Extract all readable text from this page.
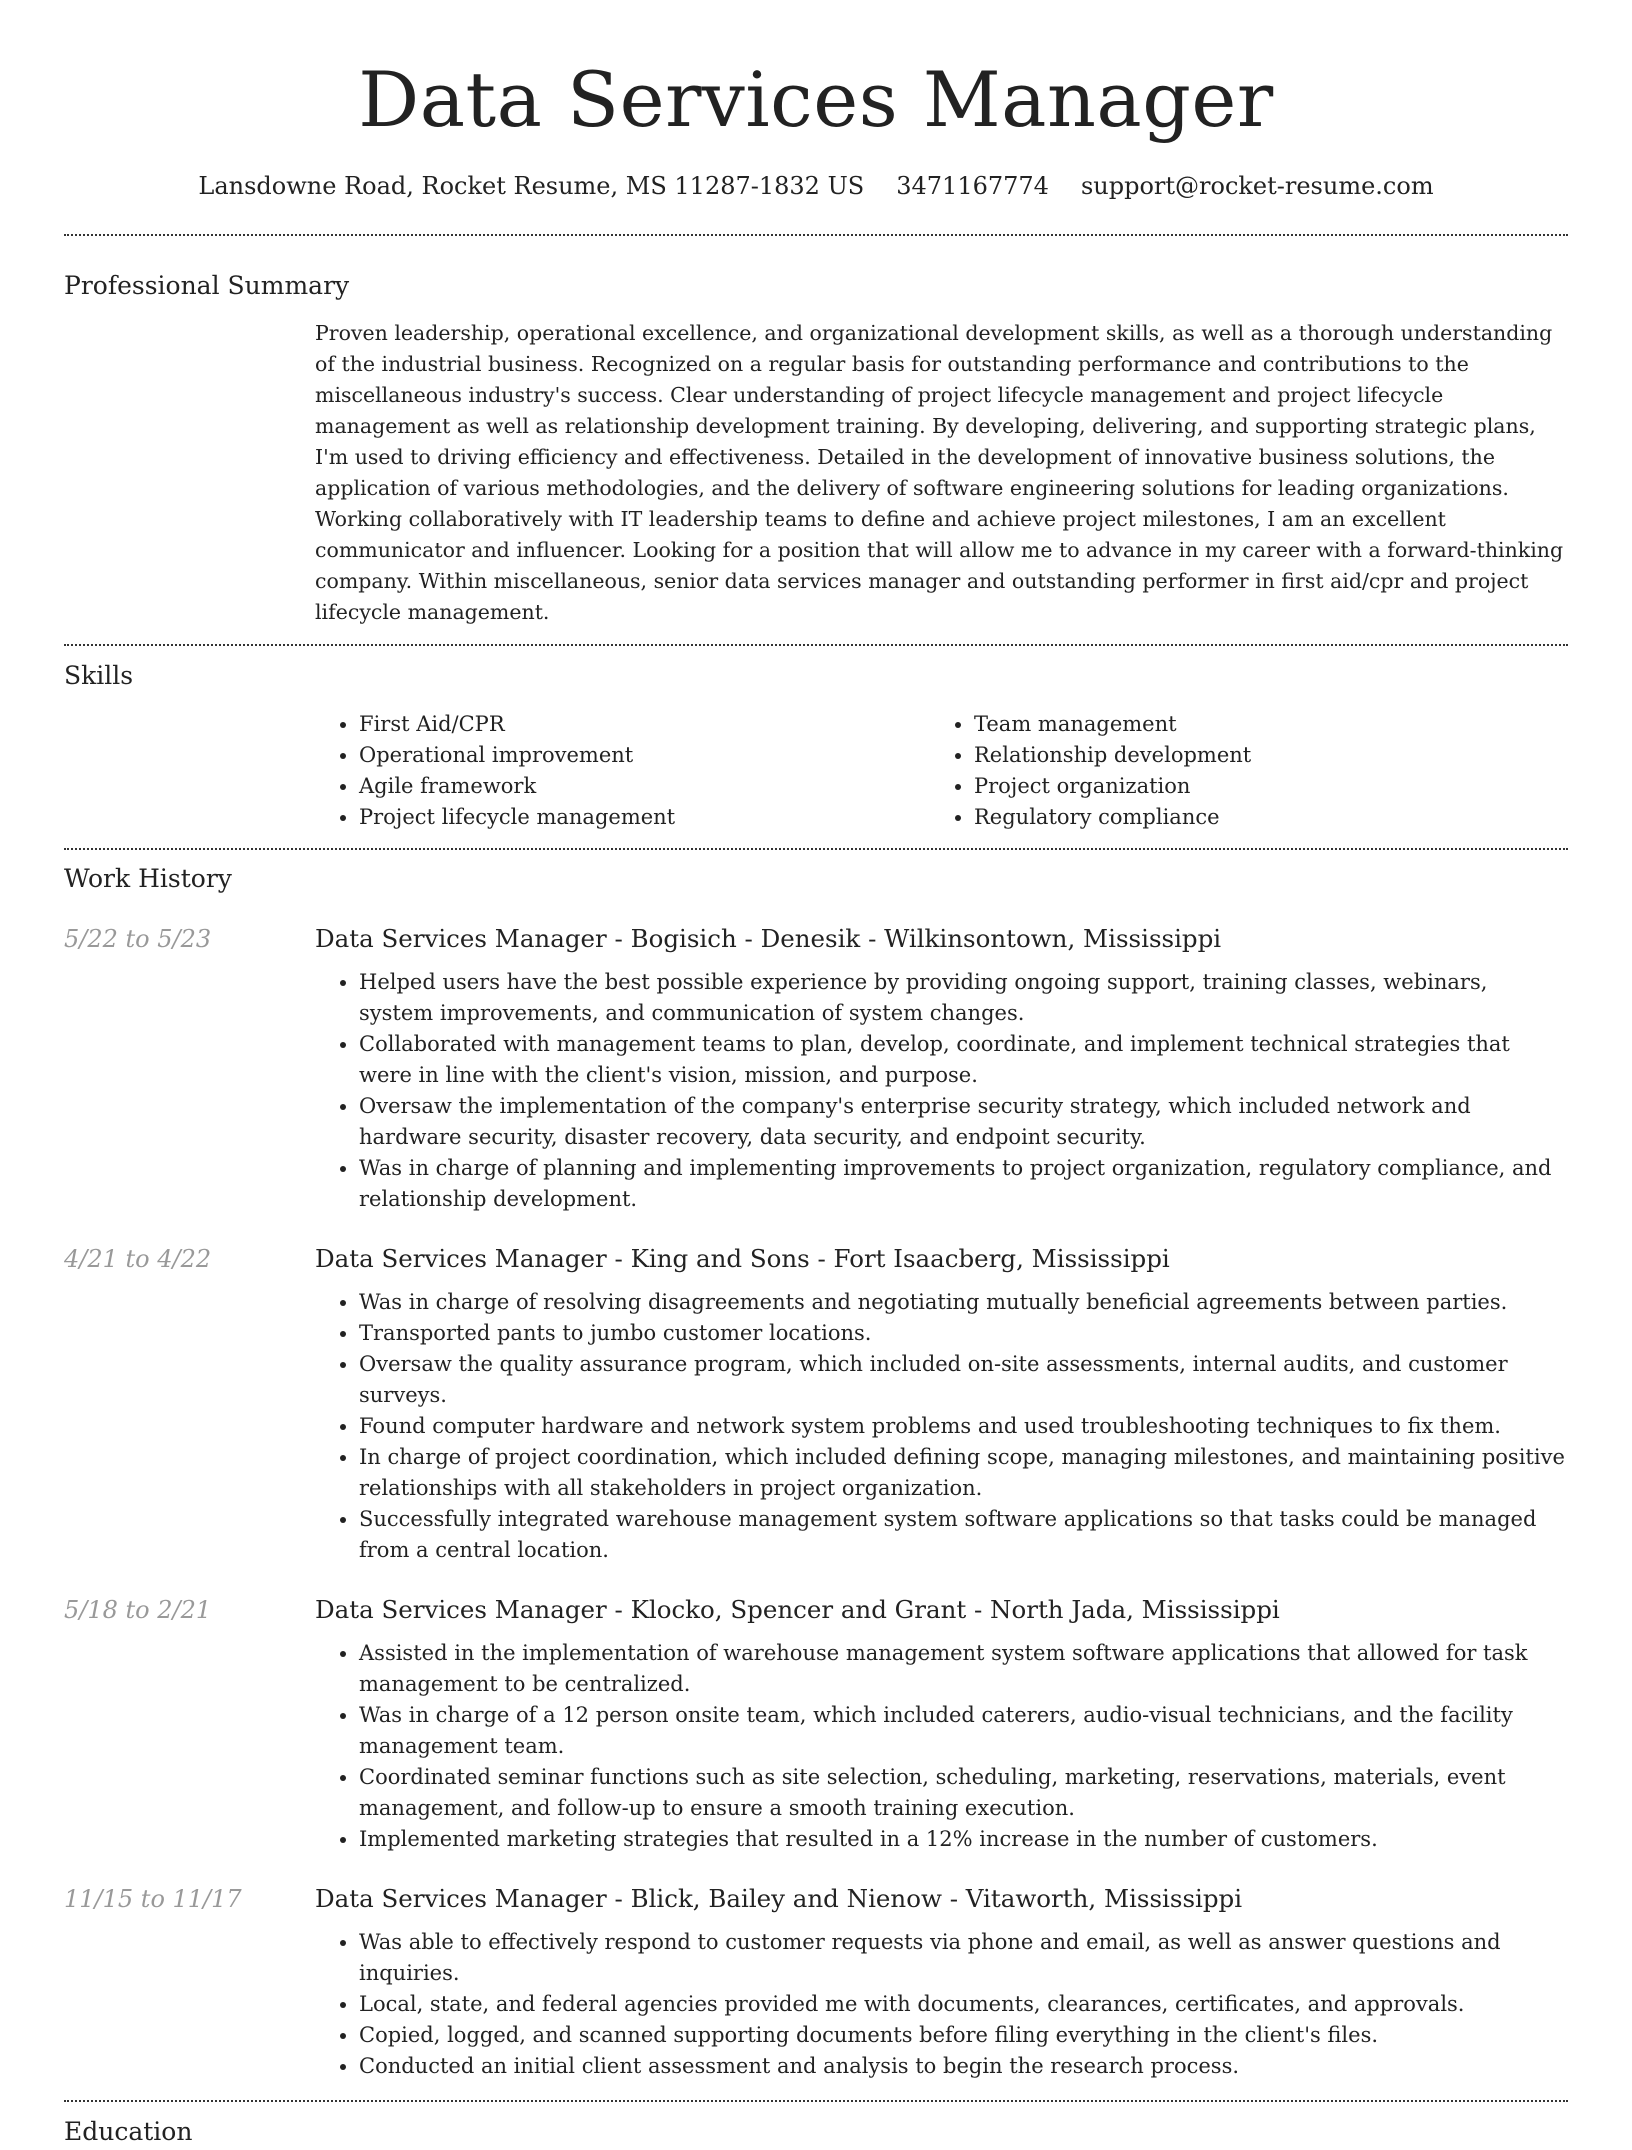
Data Services Manager
Lansdowne Road, Rocket Resume, MS 11287-1832 US 3471167774 support@rocket-resume.com
Professional Summary

Proven leadership, operational excellence, and organizational development skills, as well as a thorough understanding of the industrial business. Recognized on a regular basis for outstanding performance and contributions to the miscellaneous industry's success. Clear understanding of project lifecycle management and project lifecycle management as well as relationship development training. By developing, delivering, and supporting strategic plans, I'm used to driving efficiency and effectiveness. Detailed in the development of innovative business solutions, the application of various methodologies, and the delivery of software engineering solutions for leading organizations. Working collaboratively with IT leadership teams to define and achieve project milestones, I am an excellent communicator and influencer. Looking for a position that will allow me to advance in my career with a forward-thinking company. Within miscellaneous, senior data services manager and outstanding performer in first aid/cpr and project lifecycle management.

Skills
• First Aid/CPR
• Operational improvement
• Agile framework
• Project lifecycle management
• Team management
• Relationship development
• Project organization
• Regulatory compliance
Work History
5/22 to 5/23	Data Services Manager - Bogisich - Denesik - Wilkinsontown, Mississippi
• Helped users have the best possible experience by providing ongoing support, training classes, webinars, system improvements, and communication of system changes.
• Collaborated with management teams to plan, develop, coordinate, and implement technical strategies that were in line with the client's vision, mission, and purpose.
• Oversaw the implementation of the company's enterprise security strategy, which included network and hardware security, disaster recovery, data security, and endpoint security.
• Was in charge of planning and implementing improvements to project organization, regulatory compliance, and relationship development.
4/21 to 4/22	Data Services Manager - King and Sons - Fort Isaacberg, Mississippi
• Was in charge of resolving disagreements and negotiating mutually beneficial agreements between parties.
• Transported pants to jumbo customer locations.
• Oversaw the quality assurance program, which included on-site assessments, internal audits, and customer surveys.
• Found computer hardware and network system problems and used troubleshooting techniques to fix them.
• In charge of project coordination, which included defining scope, managing milestones, and maintaining positive relationships with all stakeholders in project organization.
• Successfully integrated warehouse management system software applications so that tasks could be managed from a central location.
5/18 to 2/21	Data Services Manager - Klocko, Spencer and Grant - North Jada, Mississippi
• Assisted in the implementation of warehouse management system software applications that allowed for task management to be centralized.
• Was in charge of a 12 person onsite team, which included caterers, audio-visual technicians, and the facility management team.
• Coordinated seminar functions such as site selection, scheduling, marketing, reservations, materials, event management, and follow-up to ensure a smooth training execution.
• Implemented marketing strategies that resulted in a 12% increase in the number of customers.
11/15 to 11/17	Data Services Manager - Blick, Bailey and Nienow - Vitaworth, Mississippi
• Was able to effectively respond to customer requests via phone and email, as well as answer questions and inquiries.
• Local, state, and federal agencies provided me with documents, clearances, certificates, and approvals.
• Copied, logged, and scanned supporting documents before filing everything in the client's files.
• Conducted an initial client assessment and analysis to begin the research process.
Education
